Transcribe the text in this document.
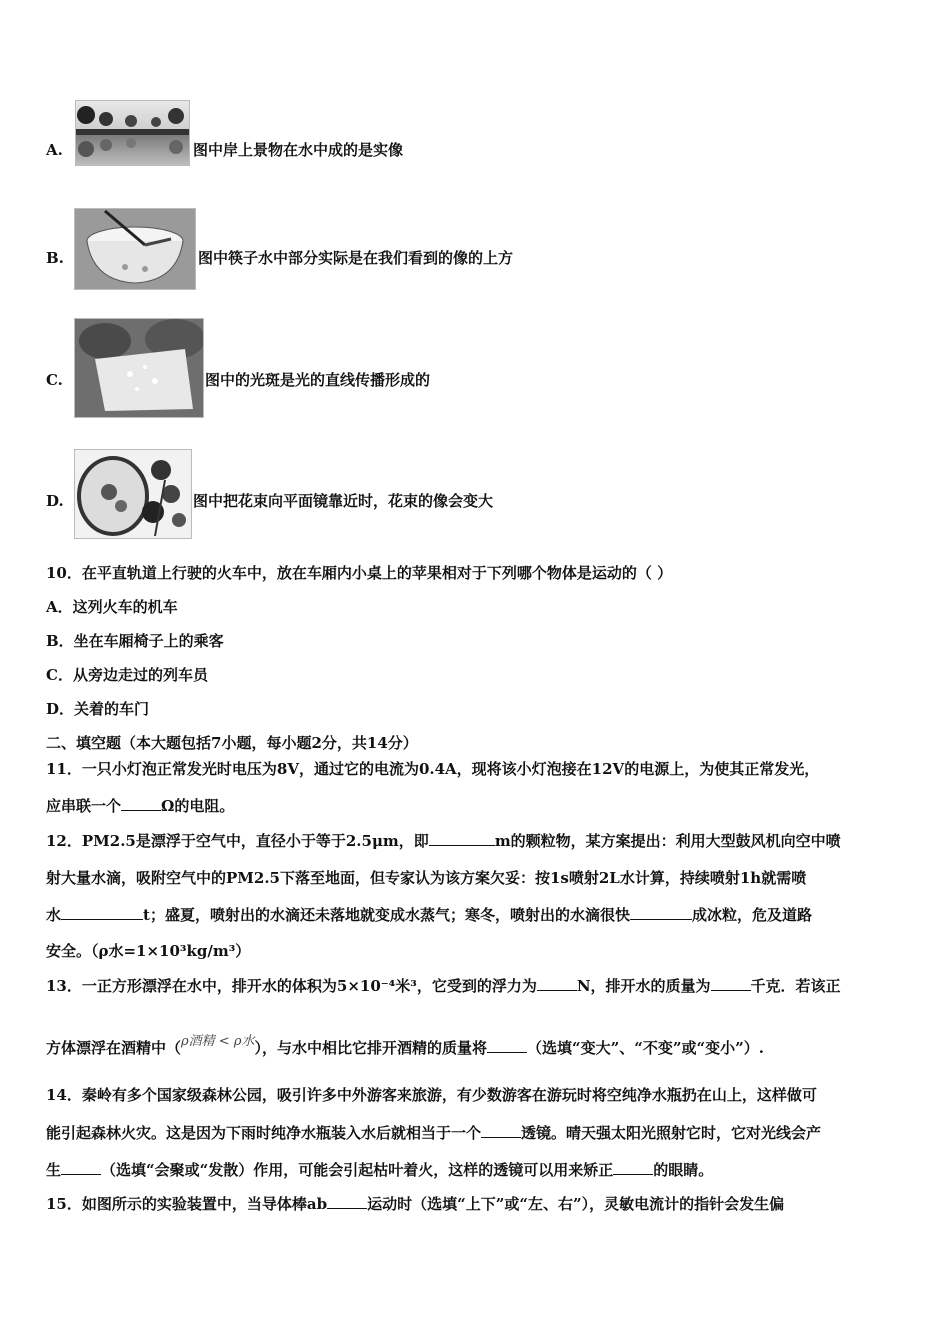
A.	图中岸上景物在水中成的是实像
B.	图中筷子水中部分实际是在我们看到的像的上方
C.	图中的光斑是光的直线传播形成的
D.	图中把花束向平面镜靠近时，花束的像会变大
10．在平直轨道上行驶的火车中，放在车厢内小桌上的苹果相对于下列哪个物体是运动的（ ）
A．这列火车的机车
B．坐在车厢椅子上的乘客
C．从旁边走过的列车员
D．关着的车门
二、填空题（本大题包括7小题，每小题2分，共14分）
11．一只小灯泡正常发光时电压为8V，通过它的电流为0.4A，现将该小灯泡接在12V的电源上，为使其正常发光，
应串联一个	Ω的电阻。
12．PM2.5是漂浮于空气中，直径小于等于2.5μm，即	m的颗粒物，某方案提出：利用大型鼓风机向空中喷
射大量水滴，吸附空气中的PM2.5下落至地面，但专家认为该方案欠妥：按1s喷射2L水计算，持续喷射1h就需喷
水	t；盛夏，喷射出的水滴还未落地就变成水蒸气；寒冬，喷射出的水滴很快	成冰粒，危及道路
安全。（ρ水=1×10³kg/m³）
13．一正方形漂浮在水中，排开水的体积为5×10⁻⁴米³，它受到的浮力为	N，排开水的质量为	千克．若该正
方体漂浮在酒精中（ρ酒精 < ρ水），与水中相比它排开酒精的质量将	（选填“变大”、“不变”或“变小”）.
14．秦岭有多个国家级森林公园，吸引许多中外游客来旅游，有少数游客在游玩时将空纯净水瓶扔在山上，这样做可
能引起森林火灾。这是因为下雨时纯净水瓶装入水后就相当于一个	透镜。晴天强太阳光照射它时，它对光线会产
生	（选填“会聚或“发散）作用，可能会引起枯叶着火，这样的透镜可以用来矫正	的眼睛。
15．如图所示的实验装置中，当导体棒ab	运动时（选填“上下”或“左、右”），灵敏电流计的指针会发生偏
